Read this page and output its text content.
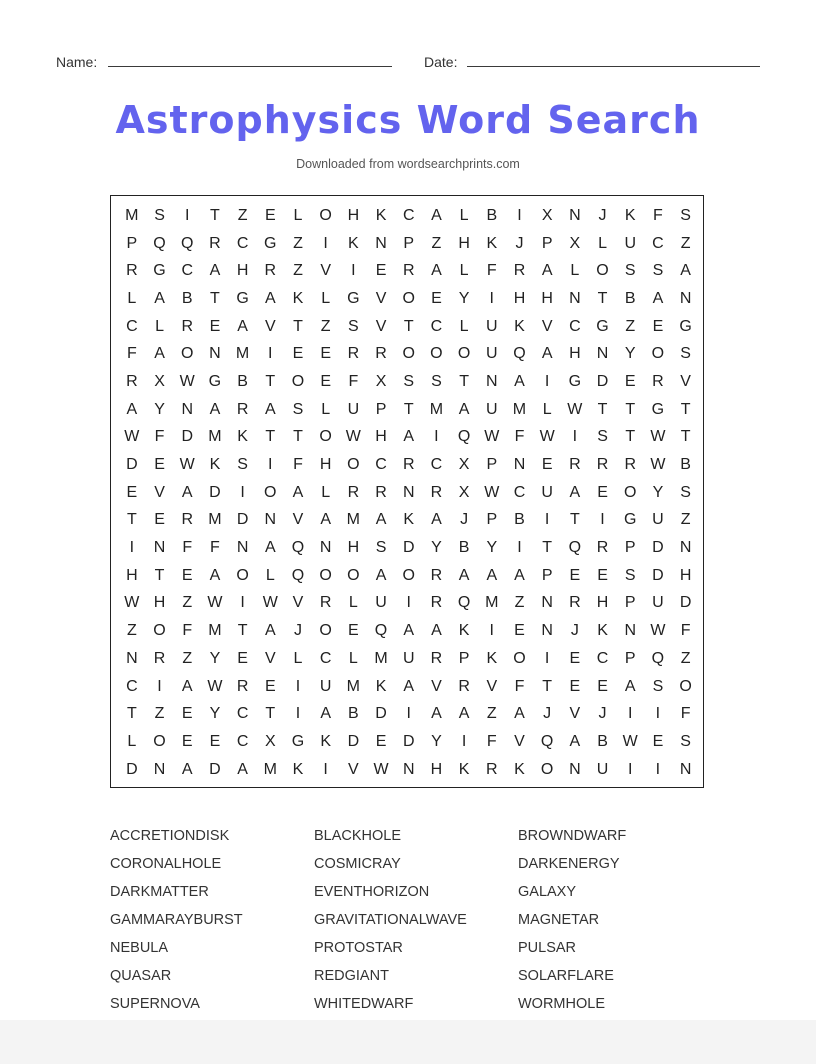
Name:	Date:
Astrophysics Word Search
Downloaded from wordsearchprints.com
M S	I	T	Z	E	L	O H	K	C	A	L	B	I	X	N	J	K	F	S
P	Q Q R	C G	Z	I	K	N	P	Z	H	K	J	P	X	L	U	C	Z
R G C	A	H	R	Z	V	I	E	R	A	L	F	R	A	L	O	S	S	A
L	A	B	T	G	A	K	L	G	V	O	E	Y	I	H	H	N	T	B	A	N
C	L	R	E	A	V	T	Z	S	V	T	C	L	U	K	V	C G	Z	E	G
F	A	O N M	I	E	E	R	R O O O U Q	A	H	N	Y	O	S
R	X W G	B	T	O	E	F	X	S	S	T	N	A	I	G D	E	R	V
A	Y	N	A	R	A	S	L	U	P	T	M A	U M	L W T	T	G	T
W F	D M K	T	T	O W H	A	I	Q W F W	I	S	T W T
D	E W K	S	I	F	H O C	R	C	X	P	N	E	R	R	R W B
E	V	A	D	I	O	A	L	R	R	N	R	X W C	U	A	E	O	Y	S
T	E	R M D	N	V	A M A	K	A	J	P	B	I	T	I	G U	Z
I	N	F	F	N	A	Q N	H	S	D	Y	B	Y	I	T	Q R	P	D	N
H	T	E	A	O	L	Q O O	A	O R	A	A	A	P	E	E	S	D	H
W H	Z W	I	W V	R	L	U	I	R Q M	Z	N	R	H	P	U	D
Z	O	F	M	T	A	J	O	E	Q	A	A	K	I	E	N	J	K	N W F
N	R	Z	Y	E	V	L	C	L	M U	R	P	K	O	I	E	C	P	Q	Z
C	I	A W R	E	I	U M K	A	V	R	V	F	T	E	E	A	S	O
T	Z	E	Y	C	T	I	A	B	D	I	A	A	Z	A	J	V	J	I	I	F
L	O	E	E	C	X	G	K	D	E	D	Y	I	F	V	Q	A	B W E	S
D	N	A	D	A M K	I	V W N	H	K	R	K	O N	U	I	I	N
ACCRETIONDISK	BLACKHOLE	BROWNDWARF
CORONALHOLE	COSMICRAY	DARKENERGY
DARKMATTER	EVENTHORIZON	GALAXY
GAMMARAYBURST	GRAVITATIONALWAVE	MAGNETAR
NEBULA	PROTOSTAR	PULSAR
QUASAR	REDGIANT	SOLARFLARE
SUPERNOVA	WHITEDWARF	WORMHOLE
